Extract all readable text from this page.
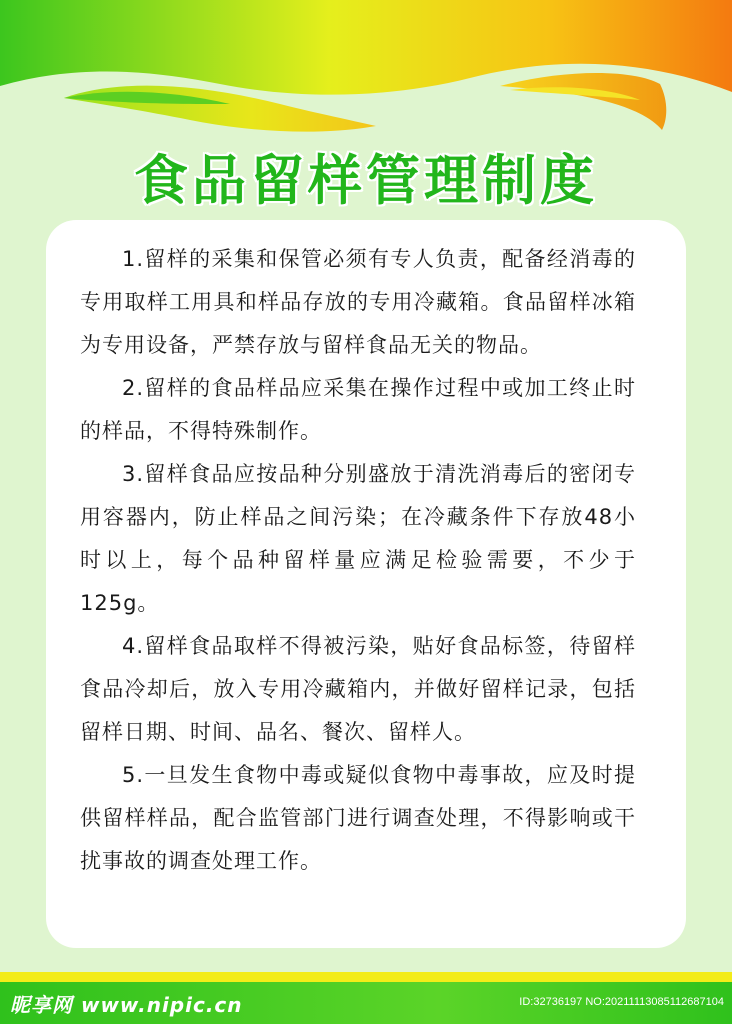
食品留样管理制度

1.留样的采集和保管必须有专人负责，配备经消毒的专用取样工用具和样品存放的专用冷藏箱。食品留样冰箱为专用设备，严禁存放与留样食品无关的物品。

2.留样的食品样品应采集在操作过程中或加工终止时的样品，不得特殊制作。

3.留样食品应按品种分别盛放于清洗消毒后的密闭专用容器内，防止样品之间污染；在冷藏条件下存放48小时以上，每个品种留样量应满足检验需要，不少于125g。

4.留样食品取样不得被污染，贴好食品标签，待留样食品冷却后，放入专用冷藏箱内，并做好留样记录，包括留样日期、时间、品名、餐次、留样人。

5.一旦发生食物中毒或疑似食物中毒事故，应及时提供留样样品，配合监管部门进行调查处理，不得影响或干扰事故的调查处理工作。

昵享网 www.nipic.cn	ID:32736197 NO:20211113085112687104
